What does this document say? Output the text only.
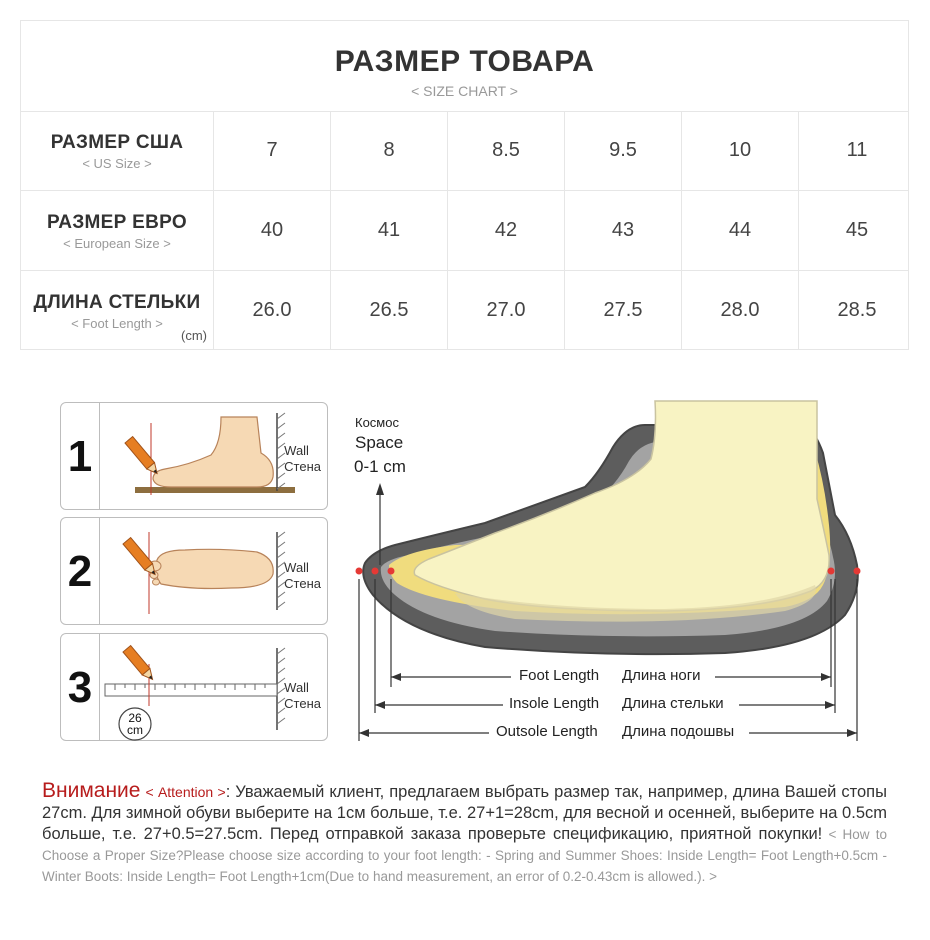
РАЗМЕР ТОВАРА
< SIZE CHART >
РАЗМЕР США
< US Size >
7	8	8.5	9.5	10	11
РАЗМЕР ЕВРО
< European Size >
40	41	42	43	44	45
ДЛИНА СТЕЛЬКИ
< Foot Length >
(cm)
26.0	26.5	27.0	27.5	28.0	28.5
1	Wall
Стена
2	Wall
Стена
3
26
cm
Wall
Стена
Космос
Space
0-1 cm
Foot Length Длина ноги
Insole Length Длина стельки
Outsole Length Длина подошвы
Внимание < Attention >: Уважаемый клиент, предлагаем выбрать размер так, например, длина Вашей стопы 27cm. Для зимной обуви выберите на 1см больше, т.е. 27+1=28cm, для весной и осенней, выберите на 0.5cm больше, т.е. 27+0.5=27.5cm. Перед отправкой заказа проверьте спецификацию, приятной покупки! < How to Choose a Proper Size?Please choose size according to your foot length: - Spring and Summer Shoes: Inside Length= Foot Length+0.5cm - Winter Boots: Inside Length= Foot Length+1cm(Due to hand measurement, an error of 0.2-0.43cm is allowed.). >
